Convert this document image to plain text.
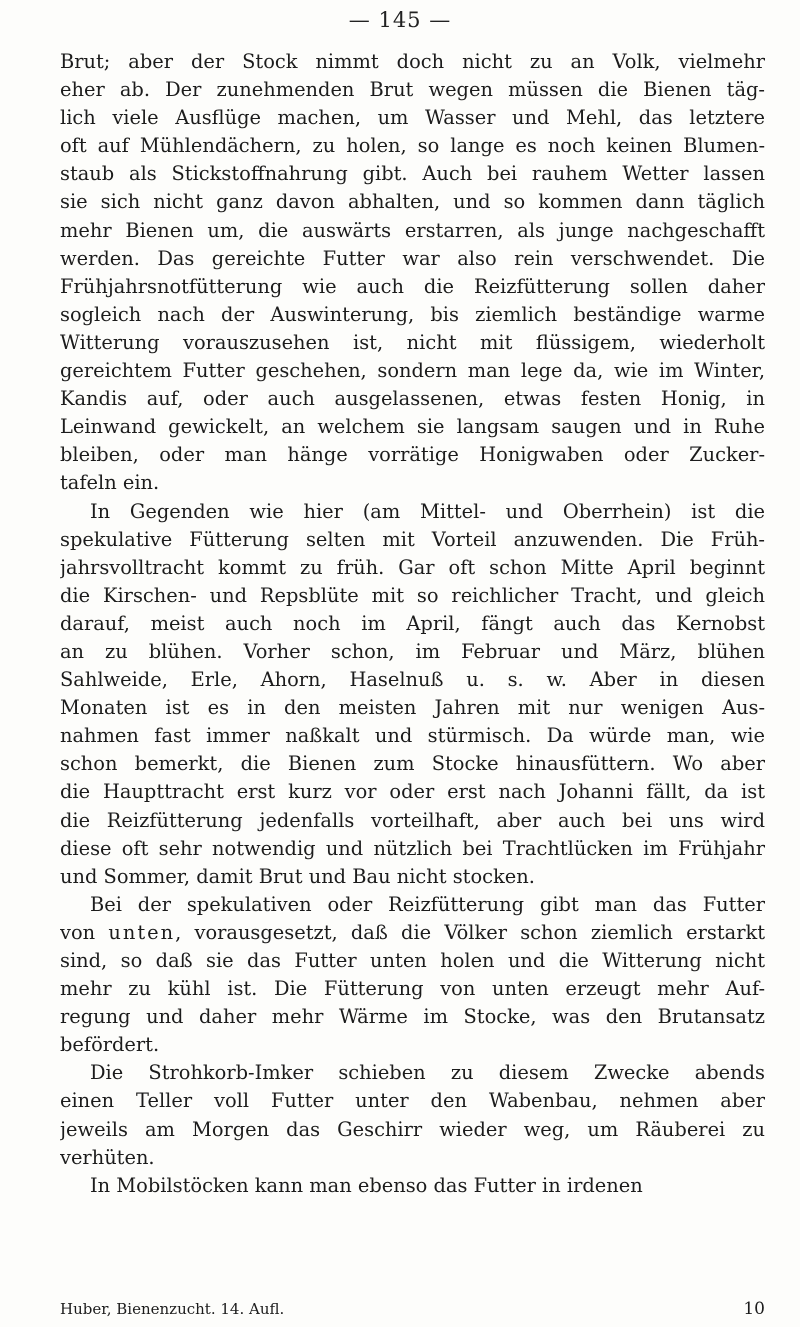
— 145 —
Brut; aber der Stock nimmt doch nicht zu an Volk, vielmehr
eher ab. Der zunehmenden Brut wegen müssen die Bienen täg-
lich viele Ausflüge machen, um Wasser und Mehl, das letztere
oft auf Mühlendächern, zu holen, so lange es noch keinen Blumen-
staub als Stickstoffnahrung gibt. Auch bei rauhem Wetter lassen
sie sich nicht ganz davon abhalten, und so kommen dann täglich
mehr Bienen um, die auswärts erstarren, als junge nachgeschafft
werden. Das gereichte Futter war also rein verschwendet. Die
Frühjahrsnotfütterung wie auch die Reizfütterung sollen daher
sogleich nach der Auswinterung, bis ziemlich beständige warme
Witterung vorauszusehen ist, nicht mit flüssigem, wiederholt
gereichtem Futter geschehen, sondern man lege da, wie im Winter,
Kandis auf, oder auch ausgelassenen, etwas festen Honig, in
Leinwand gewickelt, an welchem sie langsam saugen und in Ruhe
bleiben, oder man hänge vorrätige Honigwaben oder Zucker-
tafeln ein.
In Gegenden wie hier (am Mittel- und Oberrhein) ist die
spekulative Fütterung selten mit Vorteil anzuwenden. Die Früh-
jahrsvolltracht kommt zu früh. Gar oft schon Mitte April beginnt
die Kirschen- und Repsblüte mit so reichlicher Tracht, und gleich
darauf, meist auch noch im April, fängt auch das Kernobst
an zu blühen. Vorher schon, im Februar und März, blühen
Sahlweide, Erle, Ahorn, Haselnuß u. s. w. Aber in diesen
Monaten ist es in den meisten Jahren mit nur wenigen Aus-
nahmen fast immer naßkalt und stürmisch. Da würde man, wie
schon bemerkt, die Bienen zum Stocke hinausfüttern. Wo aber
die Haupttracht erst kurz vor oder erst nach Johanni fällt, da ist
die Reizfütterung jedenfalls vorteilhaft, aber auch bei uns wird
diese oft sehr notwendig und nützlich bei Trachtlücken im Frühjahr
und Sommer, damit Brut und Bau nicht stocken.
Bei der spekulativen oder Reizfütterung gibt man das Futter
von unten, vorausgesetzt, daß die Völker schon ziemlich erstarkt
sind, so daß sie das Futter unten holen und die Witterung nicht
mehr zu kühl ist. Die Fütterung von unten erzeugt mehr Auf-
regung und daher mehr Wärme im Stocke, was den Brutansatz
befördert.
Die Strohkorb-Imker schieben zu diesem Zwecke abends
einen Teller voll Futter unter den Wabenbau, nehmen aber
jeweils am Morgen das Geschirr wieder weg, um Räuberei zu
verhüten.
In Mobilstöcken kann man ebenso das Futter in irdenen
Huber, Bienenzucht. 14. Aufl.	10
